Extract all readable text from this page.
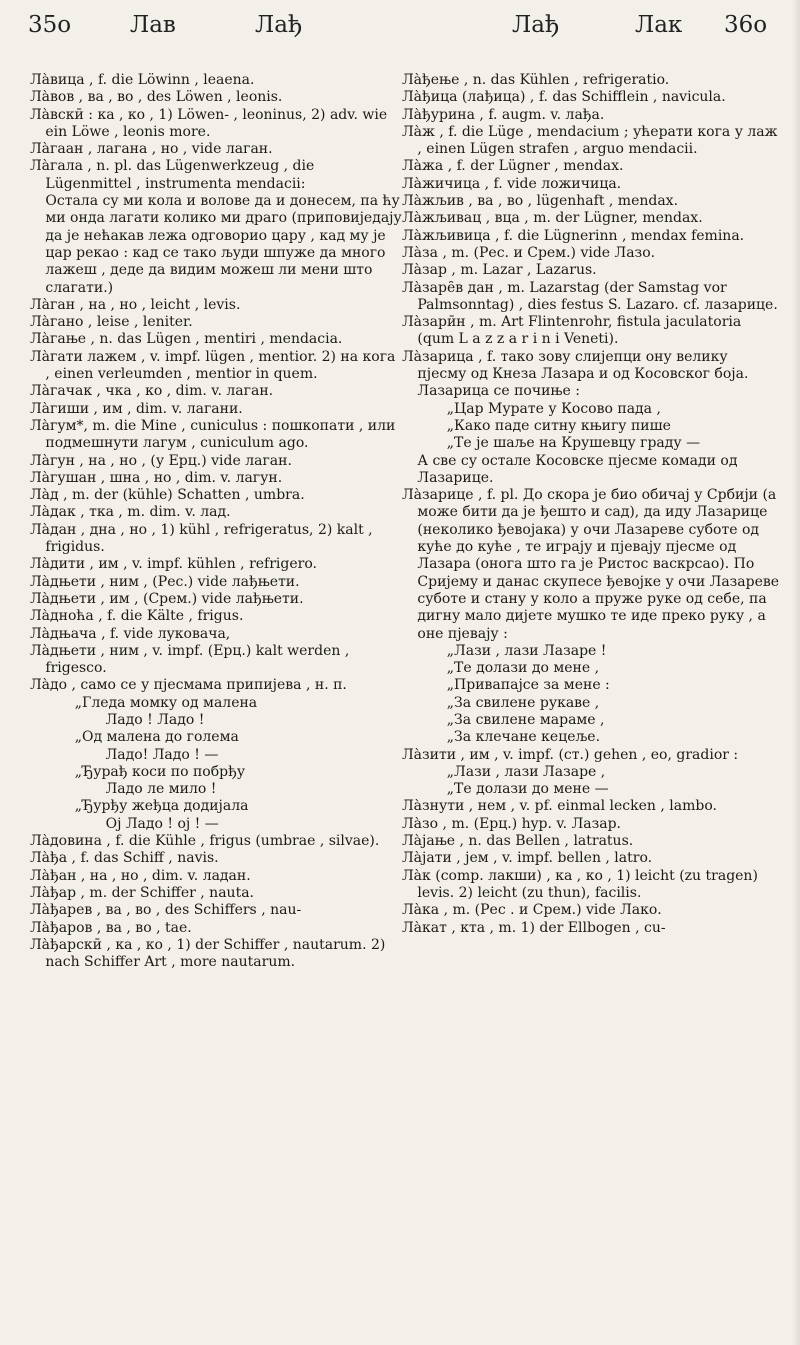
35о	Лав	Лађ	Лађ	Лак 36о

Ла̀вица , f. die Löwinn , leaena.

Ла̀вов , ва , во , des Löwen , leonis.

Ла̀вскӣ : ка , ко , 1) Löwen- , leoninus, 2) adv. wie ein Löwe , leonis more.

Ла̀гаан , лагана , но , vide лаган.

Ла̀гала , n. pl. das Lügenwerkzeug , die Lügenmittel , instrumenta mendacii:

Остала су ми кола и волове да и донесем, па ћу ми онда лагати колико ми драго (приповиједају да је нећакав лежа одговорио цару , кад му је цар рекао : кад се тако људи шпуже да много лажеш , деде да видим можеш ли мени што слагати.)

Ла̀ган , на , но , leicht , levis.

Ла̀гано , leise , leniter.

Ла̀гање , n. das Lügen , mentiri , mendacia.

Ла̀гати лажем , v. impf. lügen , mentior. 2) на кога , einen verleumden , mentior in quem.

Ла̀гачак , чка , ко , dim. v. лаган.

Ла̀гиши , им , dim. v. лагани.

Ла̀гум*, m. die Mine , cuniculus : пошкопати , или подмешнути лагум , cuniculum ago.

Ла̀гун , на , но , (у Ерц.) vide лаган.

Ла̀гушан , шна , но , dim. v. лагун.

Ла̀д , m. der (kühle) Schatten , umbra.

Ла̀дак , тка , m. dim. v. лад.

Ла̀дан , дна , но , 1) kühl , refrigeratus, 2) kalt , frigidus.

Ла̀дити , им , v. impf. kühlen , refrigero.

Ла̀дњети , ним , (Рес.) vide лађњети.

Ла̀дњети , им , (Срем.) vide лађњети.

Ла̀дноћа , f. die Kälte , frigus.

Ла̀дњача , f. vide луковача,

Ла̀дњети , ним , v. impf. (Ерц.) kalt werden , frigesco.

Ла̀до , само се у пјесмама припијева , н. п.

„Гледа момку од малена

Ладо ! Ладо !

„Од малена до голема

Ладо! Ладо ! —

„Ђурађ коси по побрђу

Ладо ле мило !

„Ђурђу жеђца додијала

Ој Ладо ! ој ! —

Ла̀довина , f. die Kühle , frigus (umbrae , silvae).

Ла̀ђа , f. das Schiff , navis.

Ла̀ђан , на , но , dim. v. ладан.

Ла̀ђар , m. der Schiffer , nauta.

Ла̀ђарев , ва , во , des Schiffers , nau-

Ла̀ђаров , ва , во , tae.

Ла̀ђарскӣ , ка , ко , 1) der Schiffer , nautarum. 2) nach Schiffer Art , more nautarum.

Ла̀ђење , n. das Kühlen , refrigeratio.

Ла̀ђица (лађица) , f. das Schifflein , navicula.

Ла̀ђурина , f. augm. v. лађа.

Ла̀ж , f. die Lüge , mendacium ; ућерати кога у лаж , einen Lügen strafen , arguo mendacii.

Ла̀жа , f. der Lügner , mendax.

Ла̀жичица , f. vide ложичица.

Ла̀жљив , ва , во , lügenhaft , mendax.

Ла̀жљивац , вца , m. der Lügner, mendax.

Ла̀жљивица , f. die Lügnerinn , mendax femina.

Ла̀за , m. (Рес. и Срем.) vide Лазо.

Ла̀зар , m. Lazar , Lazarus.

Ла̀заре̑в дан , m. Lazarstag (der Samstag vor Palmsonntag) , dies festus S. Lazaro. cf. лазарице.

Ла̀зарӣн , m. Art Flintenrohr, fistula jaculatoria (qum L a z z a r i n i Veneti).

Ла̀зарица , f. тако зову слијепци ону велику пјесму од Кнеза Лазара и од Косовског боја. Лазарица се почиње :

„Цар Мурате у Косово пада ,

„Како паде ситну књигу пише

„Те је шаље на Крушевцу граду —

А све су остале Косовске пјесме комади од Лазарице.

Ла̀зарице , f. pl. До скора је био обичај у Србији (а може бити да је ђешто и сад), да иду Лазарице (неколико ђевојака) у очи Лазареве суботе од куће до куће , те играју и пјевају пјесме од Лазара (онога што га је Ристос васкрсао). По Сријему и данас скупесе ђевојке у очи Лазареве суботе и стану у коло а пруже руке од себе, па дигну мало дијете мушко те иде преко руку , а оне пјевају :

„Лази , лази Лазаре !

„Те долази до мене ,

„Привапајсе за мене :

„За свилене рукаве ,

„За свилене мараме ,

„За клечане кецеље.

Ла̀зити , им , v. impf. (ст.) gehen , eo, gradior :

„Лази , лази Лазаре ,

„Те долази до мене —

Ла̀знути , нем , v. pf. einmal lecken , lambo.

Ла̀зо , m. (Ерц.) hyp. v. Лазар.

Ла̀јање , n. das Bellen , latratus.

Ла̀јати , јем , v. impf. bellen , latro.

Ла̀к (comp. лакши) , ка , ко , 1) leicht (zu tragen) levis. 2) leicht (zu thun), facilis.

Ла̀ка , m. (Рес . и Срем.) vide Лако.

Ла̀кат , кта , m. 1) der Ellbogen , cu-
